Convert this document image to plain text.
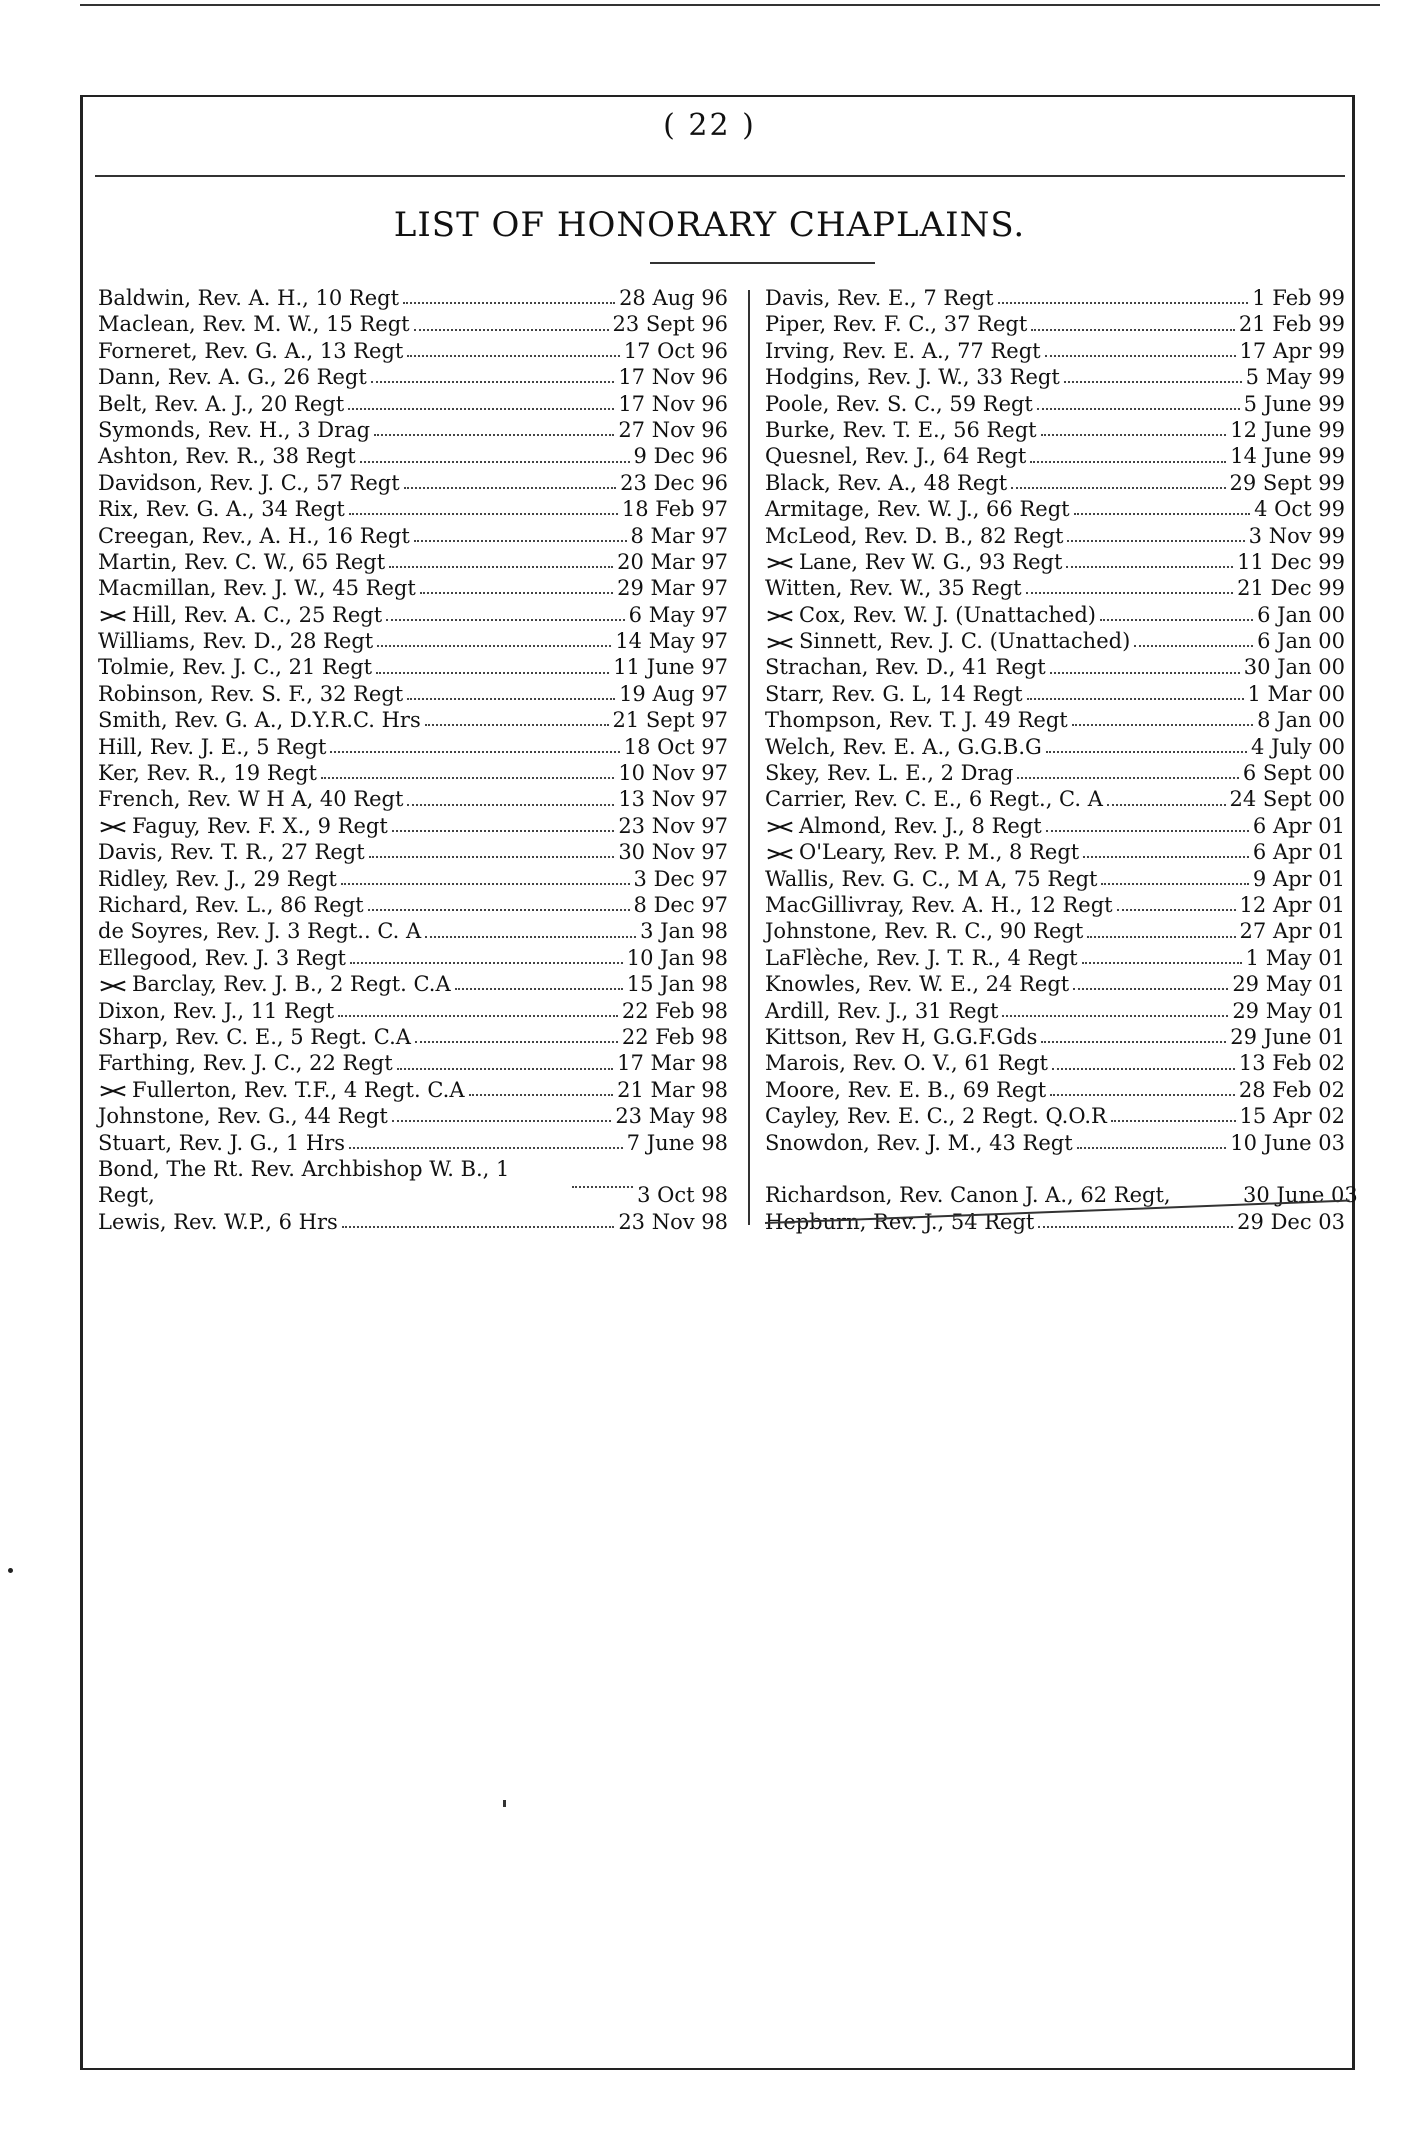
( 22 )
LIST OF HONORARY CHAPLAINS.
Baldwin, Rev. A. H., 10 Regt	28 Aug 96
Maclean, Rev. M. W., 15 Regt	23 Sept 96
Forneret, Rev. G. A., 13 Regt	17 Oct 96
Dann, Rev. A. G., 26 Regt	17 Nov 96
Belt, Rev. A. J., 20 Regt	17 Nov 96
Symonds, Rev. H., 3 Drag	27 Nov 96
Ashton, Rev. R., 38 Regt	9 Dec 96
Davidson, Rev. J. C., 57 Regt	23 Dec 96
Rix, Rev. G. A., 34 Regt	18 Feb 97
Creegan, Rev., A. H., 16 Regt	8 Mar 97
Martin, Rev. C. W., 65 Regt	20 Mar 97
Macmillan, Rev. J. W., 45 Regt	29 Mar 97
Hill, Rev. A. C., 25 Regt	6 May 97
Williams, Rev. D., 28 Regt	14 May 97
Tolmie, Rev. J. C., 21 Regt	11 June 97
Robinson, Rev. S. F., 32 Regt	19 Aug 97
Smith, Rev. G. A., D.Y.R.C. Hrs	21 Sept 97
Hill, Rev. J. E., 5 Regt	18 Oct 97
Ker, Rev. R., 19 Regt	10 Nov 97
French, Rev. W H A, 40 Regt	13 Nov 97
Faguy, Rev. F. X., 9 Regt	23 Nov 97
Davis, Rev. T. R., 27 Regt	30 Nov 97
Ridley, Rev. J., 29 Regt	3 Dec 97
Richard, Rev. L., 86 Regt	8 Dec 97
de Soyres, Rev. J. 3 Regt.. C. A	3 Jan 98
Ellegood, Rev. J. 3 Regt	10 Jan 98
Barclay, Rev. J. B., 2 Regt. C.A	15 Jan 98
Dixon, Rev. J., 11 Regt	22 Feb 98
Sharp, Rev. C. E., 5 Regt. C.A	22 Feb 98
Farthing, Rev. J. C., 22 Regt	17 Mar 98
Fullerton, Rev. T.F., 4 Regt. C.A	21 Mar 98
Johnstone, Rev. G., 44 Regt	23 May 98
Stuart, Rev. J. G., 1 Hrs	7 June 98
Bond, The Rt. Rev. Archbishop W. B., 1 Regt,	3 Oct 98
Lewis, Rev. W.P., 6 Hrs	23 Nov 98
Davis, Rev. E., 7 Regt	1 Feb 99
Piper, Rev. F. C., 37 Regt	21 Feb 99
Irving, Rev. E. A., 77 Regt	17 Apr 99
Hodgins, Rev. J. W., 33 Regt	5 May 99
Poole, Rev. S. C., 59 Regt	5 June 99
Burke, Rev. T. E., 56 Regt	12 June 99
Quesnel, Rev. J., 64 Regt	14 June 99
Black, Rev. A., 48 Regt	29 Sept 99
Armitage, Rev. W. J., 66 Regt	4 Oct 99
McLeod, Rev. D. B., 82 Regt	3 Nov 99
Lane, Rev W. G., 93 Regt	11 Dec 99
Witten, Rev. W., 35 Regt	21 Dec 99
Cox, Rev. W. J. (Unattached)	6 Jan 00
Sinnett, Rev. J. C. (Unattached)	6 Jan 00
Strachan, Rev. D., 41 Regt	30 Jan 00
Starr, Rev. G. L, 14 Regt	1 Mar 00
Thompson, Rev. T. J. 49 Regt	8 Jan 00
Welch, Rev. E. A., G.G.B.G	4 July 00
Skey, Rev. L. E., 2 Drag	6 Sept 00
Carrier, Rev. C. E., 6 Regt., C. A	24 Sept 00
Almond, Rev. J., 8 Regt	6 Apr 01
O'Leary, Rev. P. M., 8 Regt	6 Apr 01
Wallis, Rev. G. C., M A, 75 Regt	9 Apr 01
MacGillivray, Rev. A. H., 12 Regt	12 Apr 01
Johnstone, Rev. R. C., 90 Regt	27 Apr 01
LaFlèche, Rev. J. T. R., 4 Regt	1 May 01
Knowles, Rev. W. E., 24 Regt	29 May 01
Ardill, Rev. J., 31 Regt	29 May 01
Kittson, Rev H, G.G.F.Gds	29 June 01
Marois, Rev. O. V., 61 Regt	13 Feb 02
Moore, Rev. E. B., 69 Regt	28 Feb 02
Cayley, Rev. E. C., 2 Regt. Q.O.R	15 Apr 02
Snowdon, Rev. J. M., 43 Regt	10 June 03
Richardson, Rev. Canon J. A., 62 Regt,	30 June 03
Hepburn, Rev. J., 54 Regt	29 Dec 03
